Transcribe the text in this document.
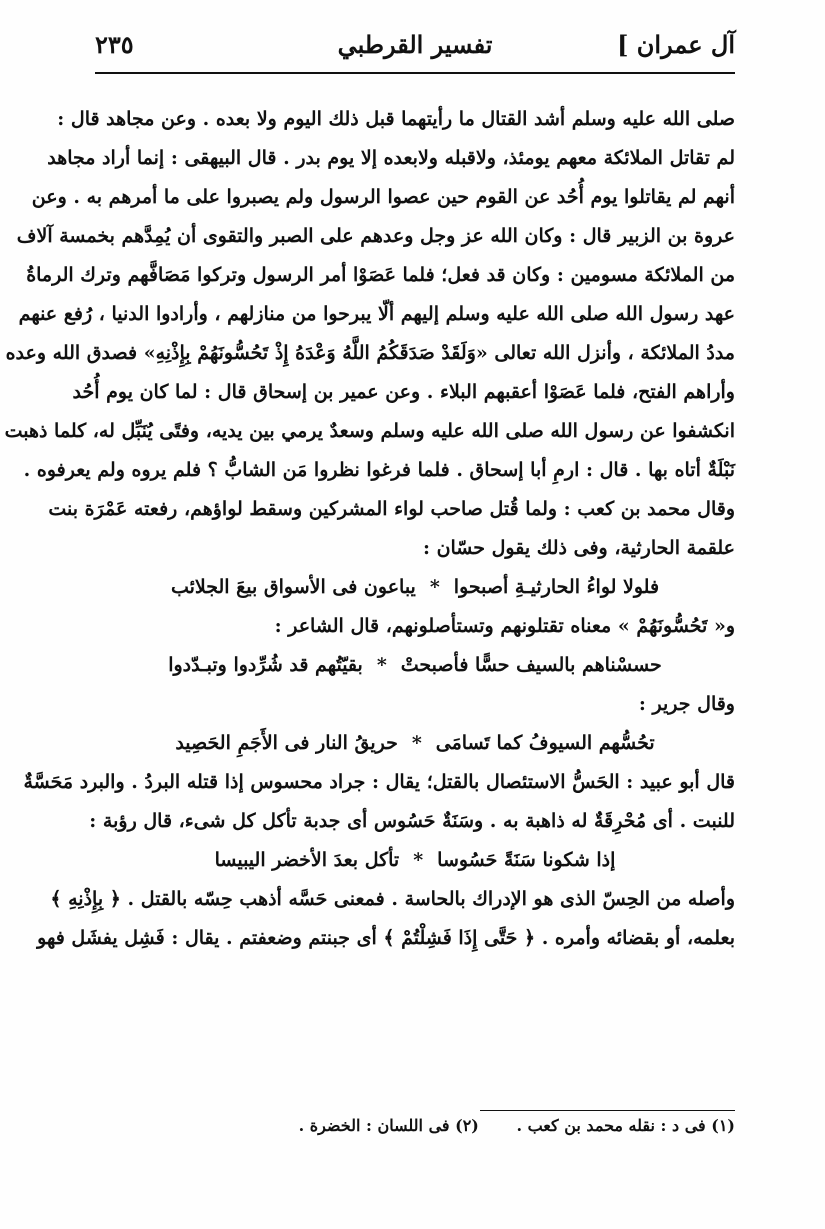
آل عمران ]
تفسير القرطبي
٢٣٥
صلى الله عليه وسلم أشد القتال ما رأيتهما قبل ذلك اليوم ولا بعده . وعن مجاهد قال :
لم تقاتل الملائكة معهم يومئذ، ولاقبله ولابعده إلا يوم بدر . قال البيهقى : إنما أراد مجاهد
أنهم لم يقاتلوا يوم أُحُد عن القوم حين عصوا الرسول ولم يصبروا على ما أمرهم به . وعن
عروة بن الزبير قال : وكان الله عز وجل وعدهم على الصبر والتقوى أن يُمِدَّهم بخمسة آلاف
من الملائكة مسومين : وكان قد فعل؛ فلما عَصَوْا أمر الرسول وتركوا مَصَافَّهم وترك الرماةُ
عهد رسول الله صلى الله عليه وسلم إليهم ألّا يبرحوا من منازلهم ، وأرادوا الدنيا ، رُفع عنهم
مددُ الملائكة ، وأنزل الله تعالى «وَلَقَدْ صَدَقَكُمُ اللَّهُ وَعْدَهُ إِذْ تَحُسُّونَهُمْ بِإِذْنِهِ» فصدق الله وعده
وأراهم الفتح، فلما عَصَوْا أعقبهم البلاء . وعن عمير بن إسحاق قال : لما كان يوم أُحُد
انكشفوا عن رسول الله صلى الله عليه وسلم وسعدٌ يرمي بين يديه، وفتًى يُنَبِّل له، كلما ذهبت
نَبْلَةٌ أتاه بها . قال : ارمِ أبا إسحاق . فلما فرغوا نظروا مَن الشابُّ ؟ فلم يروه ولم يعرفوه .
وقال محمد بن كعب : ولما قُتل صاحب لواء المشركين وسقط لواؤهم، رفعته عَمْرَة بنت
علقمة الحارثية، وفى ذلك يقول حسّان :
فلولا لواءُ الحارثيـةِ أصبحوا*يباعون فى الأسواق بيعَ الجلائب
و« تَحُسُّونَهُمْ » معناه تقتلونهم وتستأصلونهم، قال الشاعر :
حسسْناهم بالسيف حسًّا فأصبحتْ*بقيّتُهم قد شُرِّدوا وتبـدّدوا
وقال جرير :
تحُسُّهم السيوفُ كما تَسامَى*حريقُ النار فى الأَجَمِ الحَصِيد
قال أبو عبيد : الحَسُّ الاستئصال بالقتل؛ يقال : جراد محسوس إذا قتله البردُ . والبرد مَحَسَّةٌ
للنبت . أى مُحْرِقَةٌ له ذاهبة به . وسَنَةٌ حَسُوس أى جدبة تأكل كل شىء، قال رؤبة :
إذا شكونا سَنَةً حَسُوسا*تأكل بعدَ الأخضر اليبيسا
وأصله من الحِسّ الذى هو الإدراك بالحاسة . فمعنى حَسَّه أذهب حِسّه بالقتل . ﴿ بِإِذْنِهِ ﴾
بعلمه، أو بقضائه وأمره . ﴿ حَتَّى إِذَا فَشِلْتُمْ ﴾ أى جبنتم وضعفتم . يقال : فَشِل يفشَل فهو
(١) فى د : نقله محمد بن كعب . (٢) فى اللسان : الخضرة .
